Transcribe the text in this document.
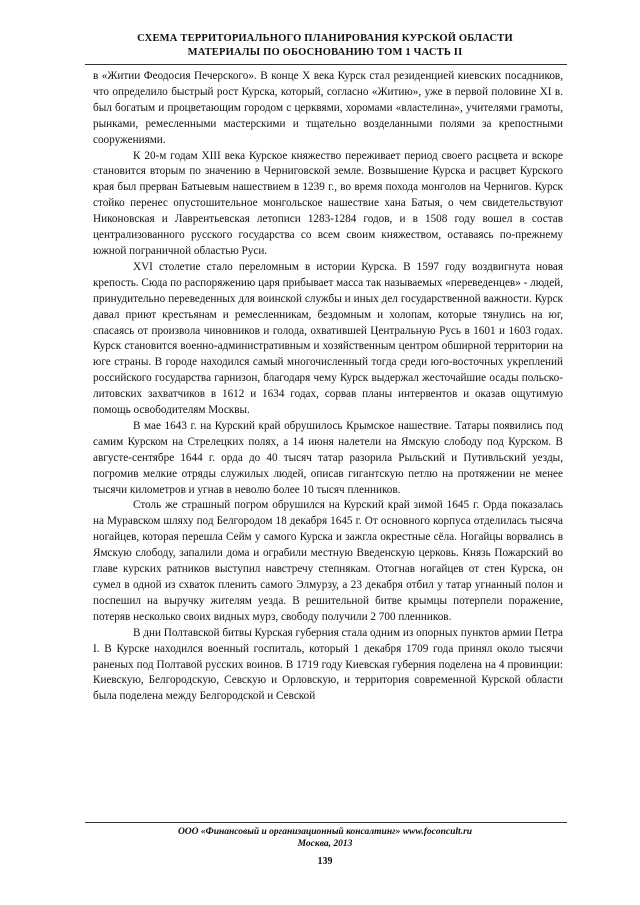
СХЕМА ТЕРРИТОРИАЛЬНОГО ПЛАНИРОВАНИЯ КУРСКОЙ ОБЛАСТИ
МАТЕРИАЛЫ ПО ОБОСНОВАНИЮ ТОМ 1 ЧАСТЬ II

в «Житии Феодосия Печерского». В конце X века Курск стал резиденцией киевских посадников, что определило быстрый рост Курска, который, согласно «Житию», уже в первой половине XI в. был богатым и процветающим городом с церквями, хоромами «властелина», учителями грамоты, рынками, ремесленными мастерскими и тщательно возделанными полями за крепостными сооружениями.

К 20-м годам XIII века Курское княжество переживает период своего расцвета и вскоре становится вторым по значению в Черниговской земле. Возвышение Курска и расцвет Курского края был прерван Батыевым нашествием в 1239 г., во время похода монголов на Чернигов. Курск стойко перенес опустошительное монгольское нашествие хана Батыя, о чем свидетельствуют Никоновская и Лаврентьевская летописи 1283-1284 годов, и в 1508 году вошел в состав централизованного русского государства со всем своим княжеством, оставаясь по-прежнему южной пограничной областью Руси.

XVI столетие стало переломным в истории Курска. В 1597 году воздвигнута новая крепость. Сюда по распоряжению царя прибывает масса так называемых «переведенцев» - людей, принудительно переведенных для воинской службы и иных дел государственной важности. Курск давал приют крестьянам и ремесленникам, бездомным и холопам, которые тянулись на юг, спасаясь от произвола чиновников и голода, охватившей Центральную Русь в 1601 и 1603 годах. Курск становится военно-административным и хозяйственным центром обширной территории на юге страны. В городе находился самый многочисленный тогда среди юго-восточных укреплений российского государства гарнизон, благодаря чему Курск выдержал жесточайшие осады польско-литовских захватчиков в 1612 и 1634 годах, сорвав планы интервентов и оказав ощутимую помощь освободителям Москвы.

В мае 1643 г. на Курский край обрушилось Крымское нашествие. Татары появились под самим Курском на Стрелецких полях, а 14 июня налетели на Ямскую слободу под Курском. В августе-сентябре 1644 г. орда до 40 тысяч татар разорила Рыльский и Путивльский уезды, погромив мелкие отряды служилых людей, описав гигантскую петлю на протяжении не менее тысячи километров и угнав в неволю более 10 тысяч пленников.

Столь же страшный погром обрушился на Курский край зимой 1645 г. Орда показалась на Муравском шляху под Белгородом 18 декабря 1645 г. От основного корпуса отделилась тысяча ногайцев, которая перешла Сейм у самого Курска и зажгла окрестные сёла. Ногайцы ворвались в Ямскую слободу, запалили дома и ограбили местную Введенскую церковь. Князь Пожарский во главе курских ратников выступил навстречу степнякам. Отогнав ногайцев от стен Курска, он сумел в одной из схваток пленить самого Элмурзу, а 23 декабря отбил у татар угнанный полон и поспешил на выручку жителям уезда. В решительной битве крымцы потерпели поражение, потеряв несколько своих видных мурз, свободу получили 2 700 пленников.

В дни Полтавской битвы Курская губерния стала одним из опорных пунктов армии Петра I. В Курске находился военный госпиталь, который 1 декабря 1709 года принял около тысячи раненых под Полтавой русских воинов. В 1719 году Киевская губерния поделена на 4 провинции: Киевскую, Белгородскую, Севскую и Орловскую, и территория современной Курской области была поделена между Белгородской и Севской

ООО «Финансовый и организационный консалтинг» www.foconcult.ru
Москва, 2013
139
